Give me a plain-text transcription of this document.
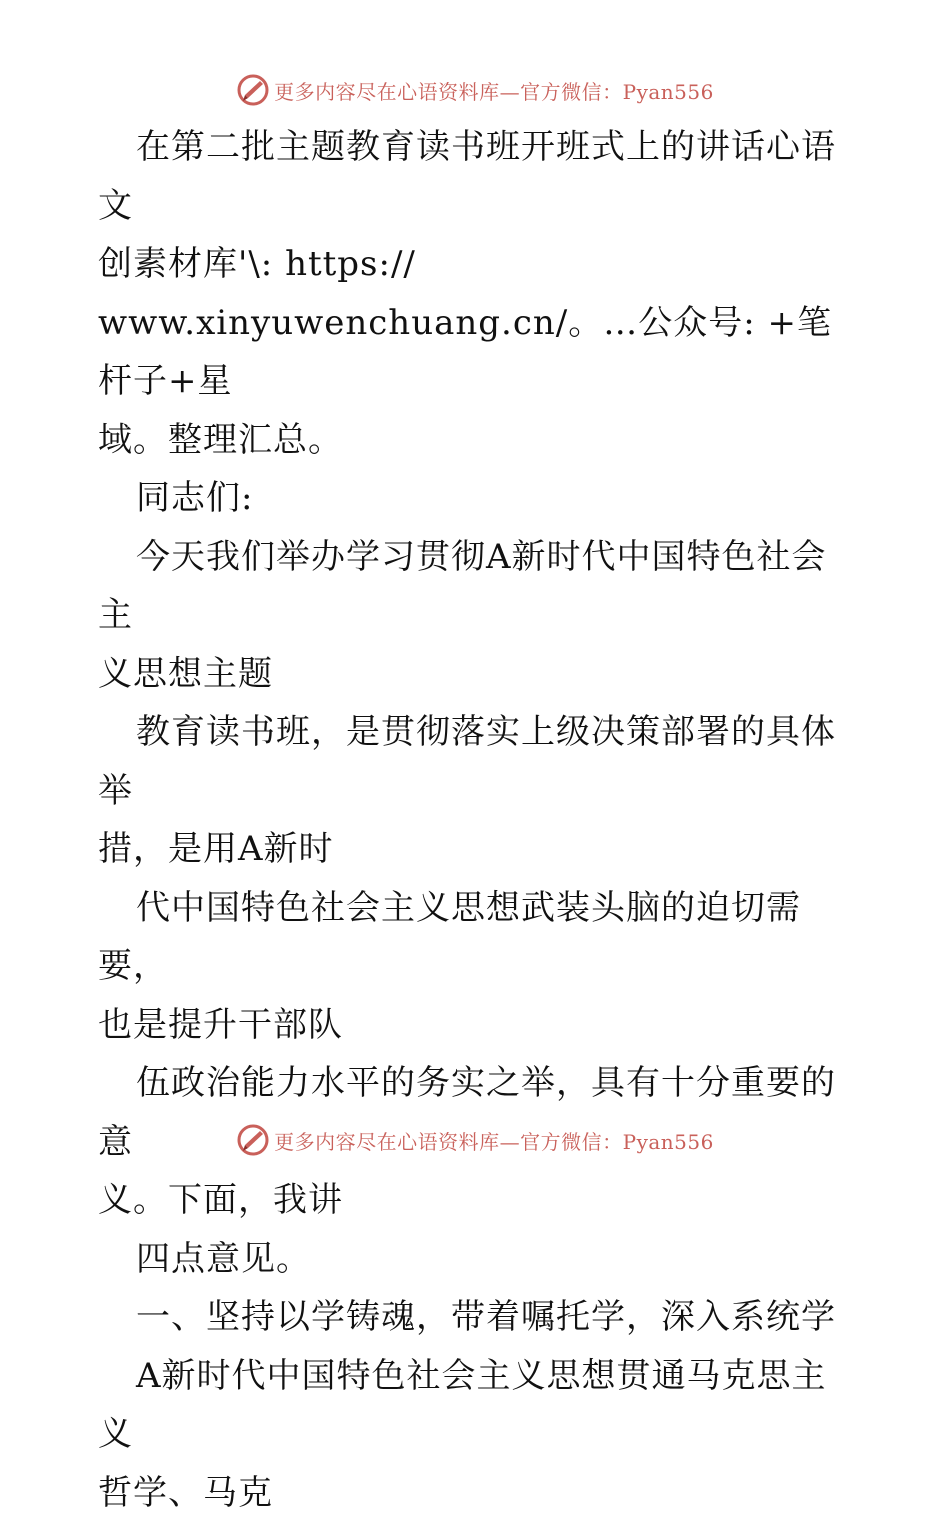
更多内容尽在心语资料库—官方微信：Pyan556

在第二批主题教育读书班开班式上的讲话心语文

创素材库'\: https://

www.xinyuwenchuang.cn/。…公众号: +笔杆子+星

域。整理汇总。

同志们:

今天我们举办学习贯彻A新时代中国特色社会主

义思想主题

教育读书班，是贯彻落实上级决策部署的具体举

措，是用A新时

代中国特色社会主义思想武装头脑的迫切需要，

也是提升干部队

伍政治能力水平的务实之举，具有十分重要的意

义。下面，我讲

四点意见。

一、坚持以学铸魂，带着嘱托学，深入系统学

A新时代中国特色社会主义思想贯通马克思主义

哲学、马克

更多内容尽在心语资料库—官方微信：Pyan556
